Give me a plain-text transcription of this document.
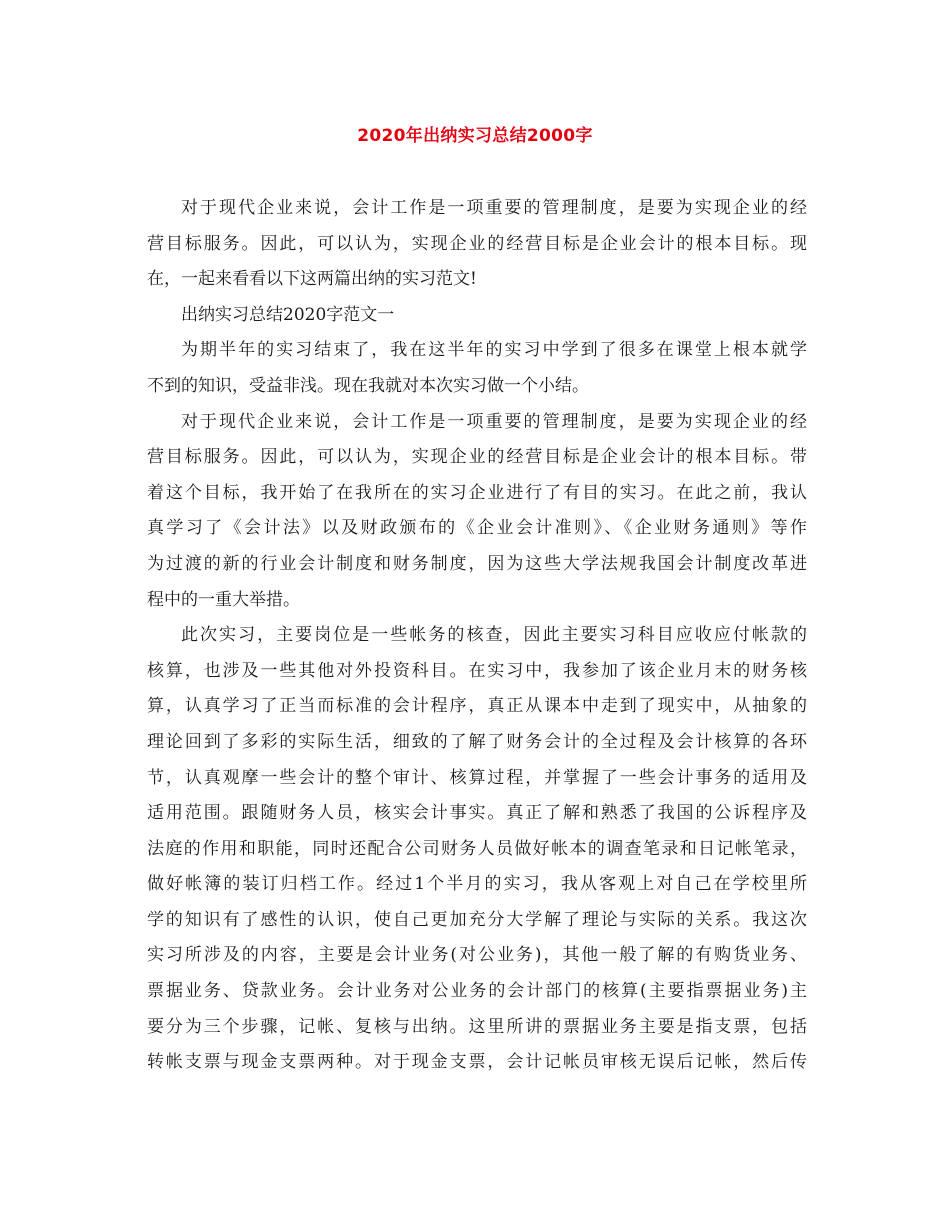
2020年出纳实习总结2000字
对于现代企业来说，会计工作是一项重要的管理制度，是要为实现企业的经
营目标服务。因此，可以认为，实现企业的经营目标是企业会计的根本目标。现
在，一起来看看以下这两篇出纳的实习范文!
出纳实习总结2020字范文一
为期半年的实习结束了，我在这半年的实习中学到了很多在课堂上根本就学
不到的知识，受益非浅。现在我就对本次实习做一个小结。
对于现代企业来说，会计工作是一项重要的管理制度，是要为实现企业的经
营目标服务。因此，可以认为，实现企业的经营目标是企业会计的根本目标。带
着这个目标，我开始了在我所在的实习企业进行了有目的实习。在此之前，我认
真学习了《会计法》以及财政颁布的《企业会计准则》、《企业财务通则》等作
为过渡的新的行业会计制度和财务制度，因为这些大学法规我国会计制度改革进
程中的一重大举措。
此次实习，主要岗位是一些帐务的核查，因此主要实习科目应收应付帐款的
核算，也涉及一些其他对外投资科目。在实习中，我参加了该企业月末的财务核
算，认真学习了正当而标准的会计程序，真正从课本中走到了现实中，从抽象的
理论回到了多彩的实际生活，细致的了解了财务会计的全过程及会计核算的各环
节，认真观摩一些会计的整个审计、核算过程，并掌握了一些会计事务的适用及
适用范围。跟随财务人员，核实会计事实。真正了解和熟悉了我国的公诉程序及
法庭的作用和职能，同时还配合公司财务人员做好帐本的调查笔录和日记帐笔录，
做好帐簿的装订归档工作。经过1个半月的实习，我从客观上对自己在学校里所
学的知识有了感性的认识，使自己更加充分大学解了理论与实际的关系。我这次
实习所涉及的内容，主要是会计业务(对公业务)，其他一般了解的有购货业务、
票据业务、贷款业务。会计业务对公业务的会计部门的核算(主要指票据业务)主
要分为三个步骤，记帐、复核与出纳。这里所讲的票据业务主要是指支票，包括
转帐支票与现金支票两种。对于现金支票，会计记帐员审核无误后记帐，然后传
